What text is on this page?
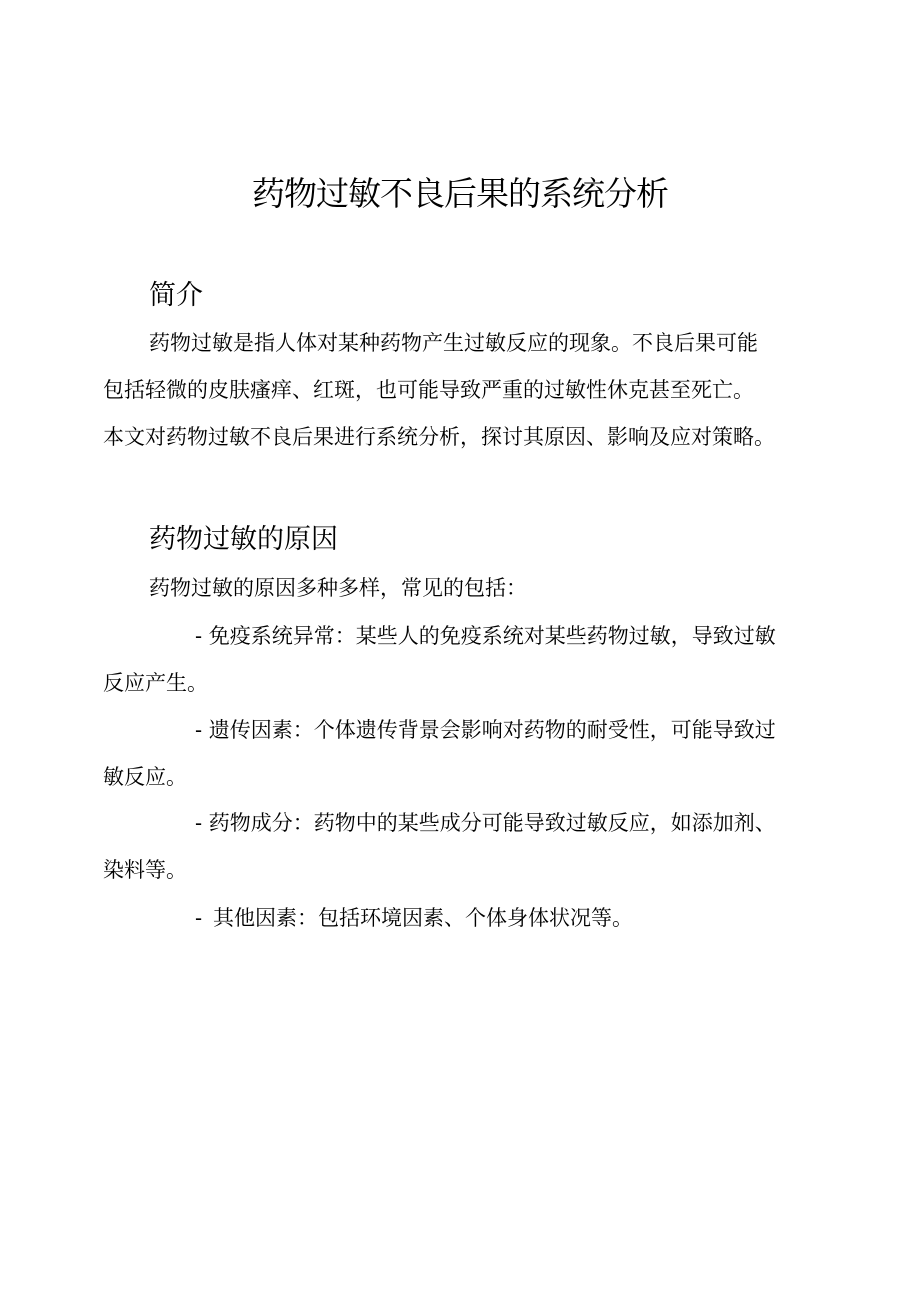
药物过敏不良后果的系统分析
简介

药物过敏是指人体对某种药物产生过敏反应的现象。不良后果可能
包括轻微的皮肤瘙痒、红斑，也可能导致严重的过敏性休克甚至死亡。
本文对药物过敏不良后果进行系统分析，探讨其原因、影响及应对策略。

药物过敏的原因

药物过敏的原因多种多样，常见的包括：

- 免疫系统异常：某些人的免疫系统对某些药物过敏，导致过敏
反应产生。

- 遗传因素：个体遗传背景会影响对药物的耐受性，可能导致过
敏反应。

- 药物成分：药物中的某些成分可能导致过敏反应，如添加剂、
染料等。

- 其他因素：包括环境因素、个体身体状况等。
